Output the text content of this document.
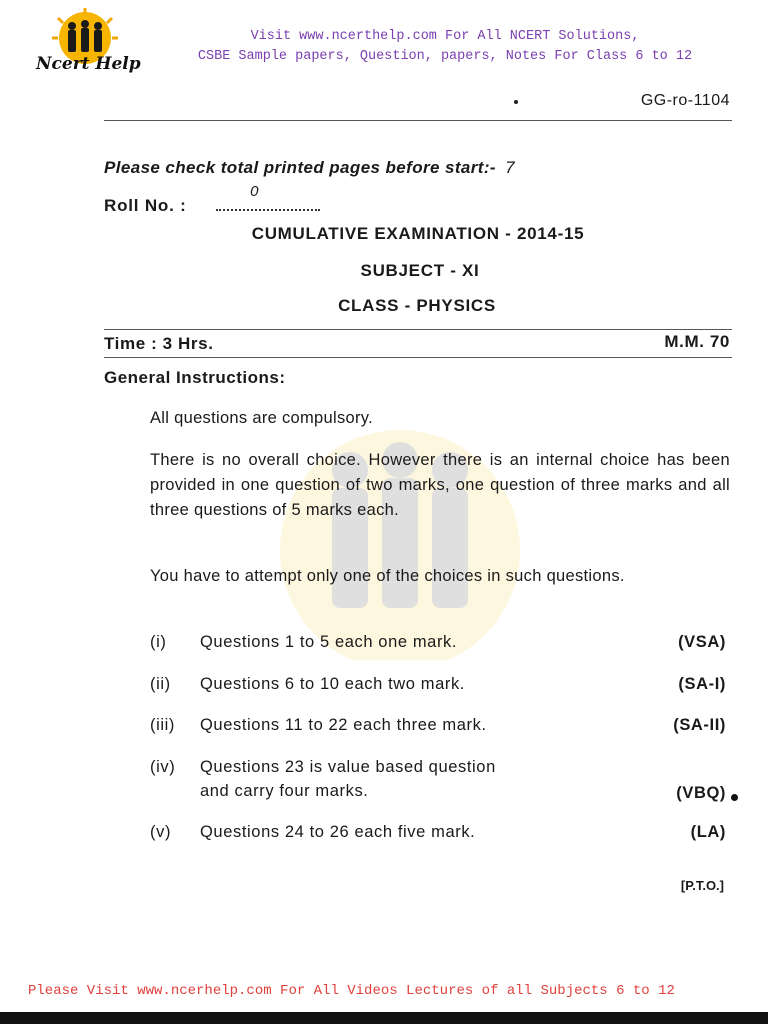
Ncert Help
Visit www.ncerthelp.com For All NCERT Solutions,
CSBE Sample papers, Question, papers, Notes For Class 6 to 12
GG-ro-1104
Please check total printed pages before start:- 7
Roll No. :
0
CUMULATIVE EXAMINATION - 2014-15
SUBJECT - XI
CLASS - PHYSICS
Time : 3 Hrs.	M.M. 70
General Instructions:
All questions are compulsory.
There is no overall choice. However there is an internal choice has been provided in one question of two marks, one question of three marks and all three questions of 5 marks each.
You have to attempt only one of the choices in such questions.
(i) Questions 1 to 5 each one mark.	(VSA)
(ii) Questions 6 to 10 each two mark.	(SA-I)
(iii) Questions 11 to 22 each three mark.	(SA-II)
(iv) Questions 23 is value based question
and carry four marks.	(VBQ)
(v) Questions 24 to 26 each five mark.	(LA)
[P.T.O.]
Please Visit www.ncerhelp.com For All Videos Lectures of all Subjects 6 to 12
